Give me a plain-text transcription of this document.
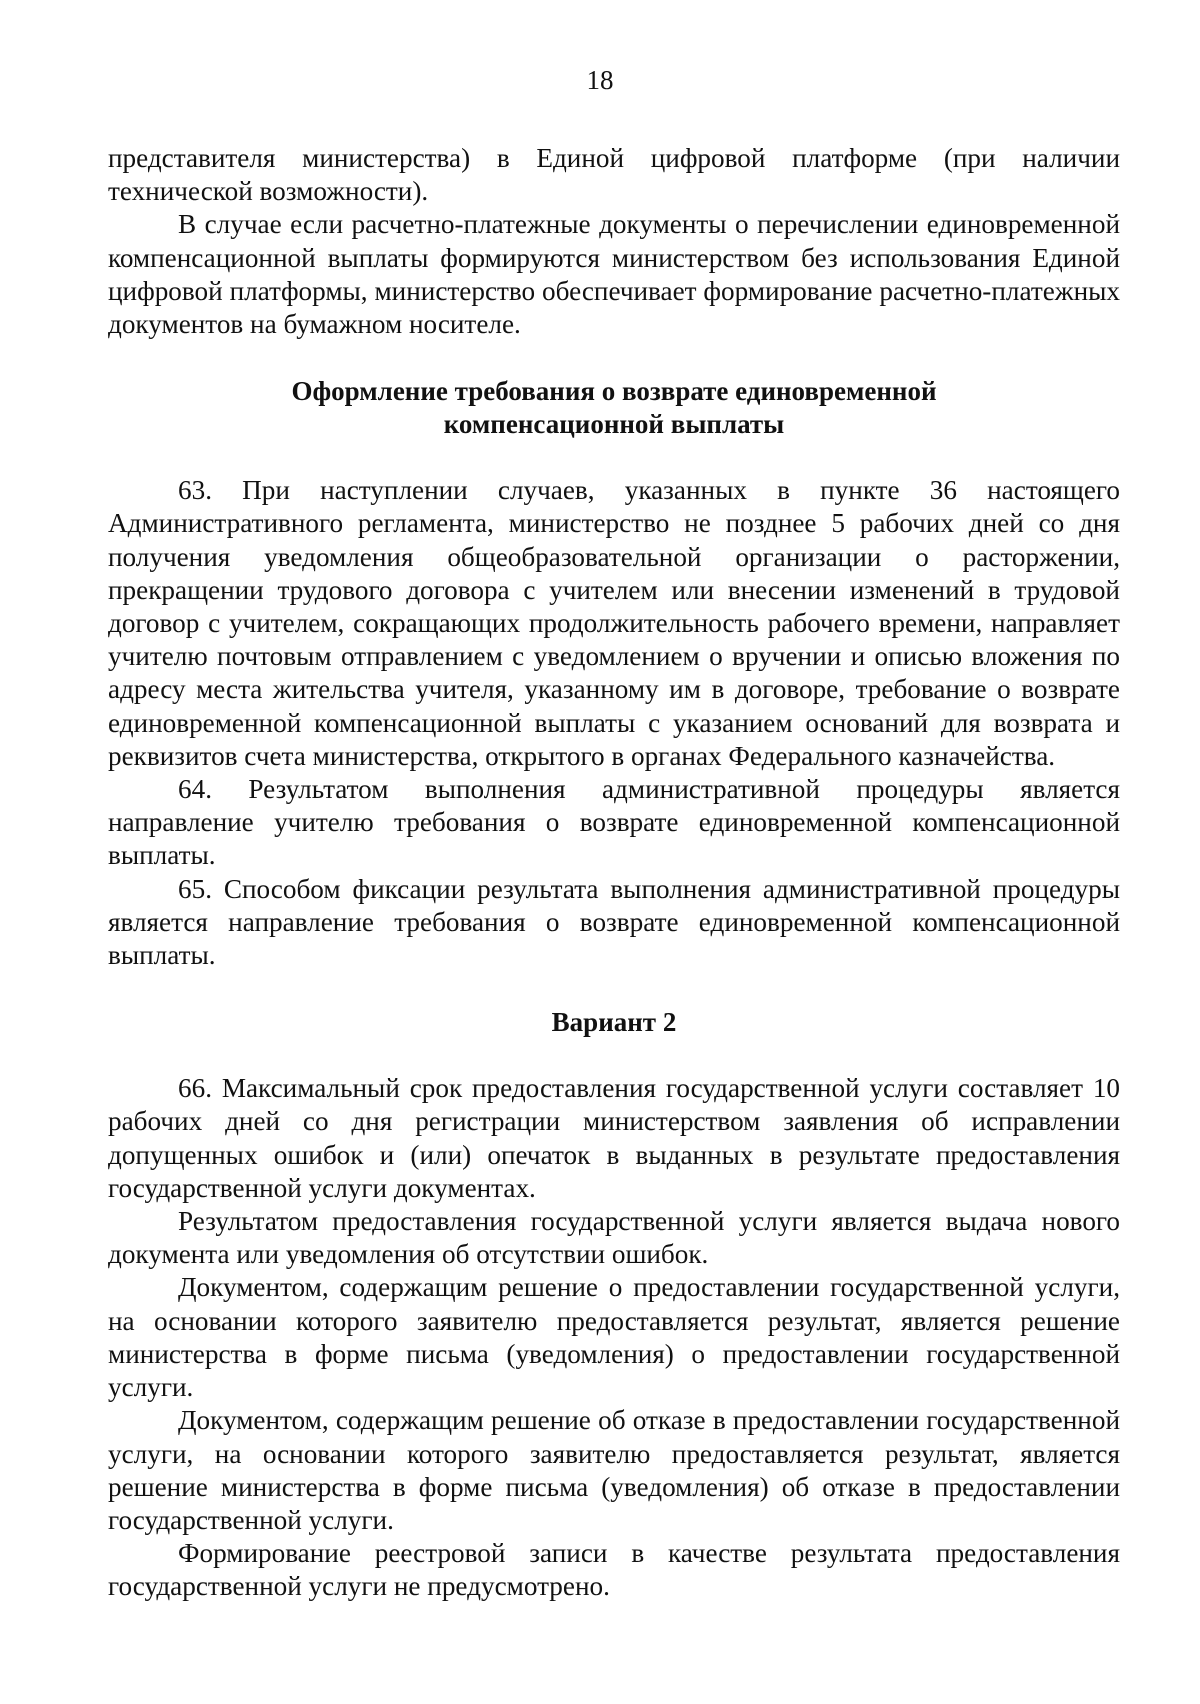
18

представителя министерства) в Единой цифровой платформе (при наличии технической возможности).

В случае если расчетно-платежные документы о перечислении единовременной компенсационной выплаты формируются министерством без использования Единой цифровой платформы, министерство обеспечивает формирование расчетно-платежных документов на бумажном носителе.

Оформление требования о возврате единовременной
компенсационной выплаты

63. При наступлении случаев, указанных в пункте 36 настоящего Административного регламента, министерство не позднее 5 рабочих дней со дня получения уведомления общеобразовательной организации о расторжении, прекращении трудового договора с учителем или внесении изменений в трудовой договор с учителем, сокращающих продолжительность рабочего времени, направляет учителю почтовым отправлением с уведомлением о вручении и описью вложения по адресу места жительства учителя, указанному им в договоре, требование о возврате единовременной компенсационной выплаты с указанием оснований для возврата и реквизитов счета министерства, открытого в органах Федерального казначейства.

64. Результатом выполнения административной процедуры является направление учителю требования о возврате единовременной компенсационной выплаты.

65. Способом фиксации результата выполнения административной процедуры является направление требования о возврате единовременной компенсационной выплаты.

Вариант 2

66. Максимальный срок предоставления государственной услуги составляет 10 рабочих дней со дня регистрации министерством заявления об исправлении допущенных ошибок и (или) опечаток в выданных в результате предоставления государственной услуги документах.

Результатом предоставления государственной услуги является выдача нового документа или уведомления об отсутствии ошибок.

Документом, содержащим решение о предоставлении государственной услуги, на основании которого заявителю предоставляется результат, является решение министерства в форме письма (уведомления) о предоставлении государственной услуги.

Документом, содержащим решение об отказе в предоставлении государственной услуги, на основании которого заявителю предоставляется результат, является решение министерства в форме письма (уведомления) об отказе в предоставлении государственной услуги.

Формирование реестровой записи в качестве результата предоставления государственной услуги не предусмотрено.
